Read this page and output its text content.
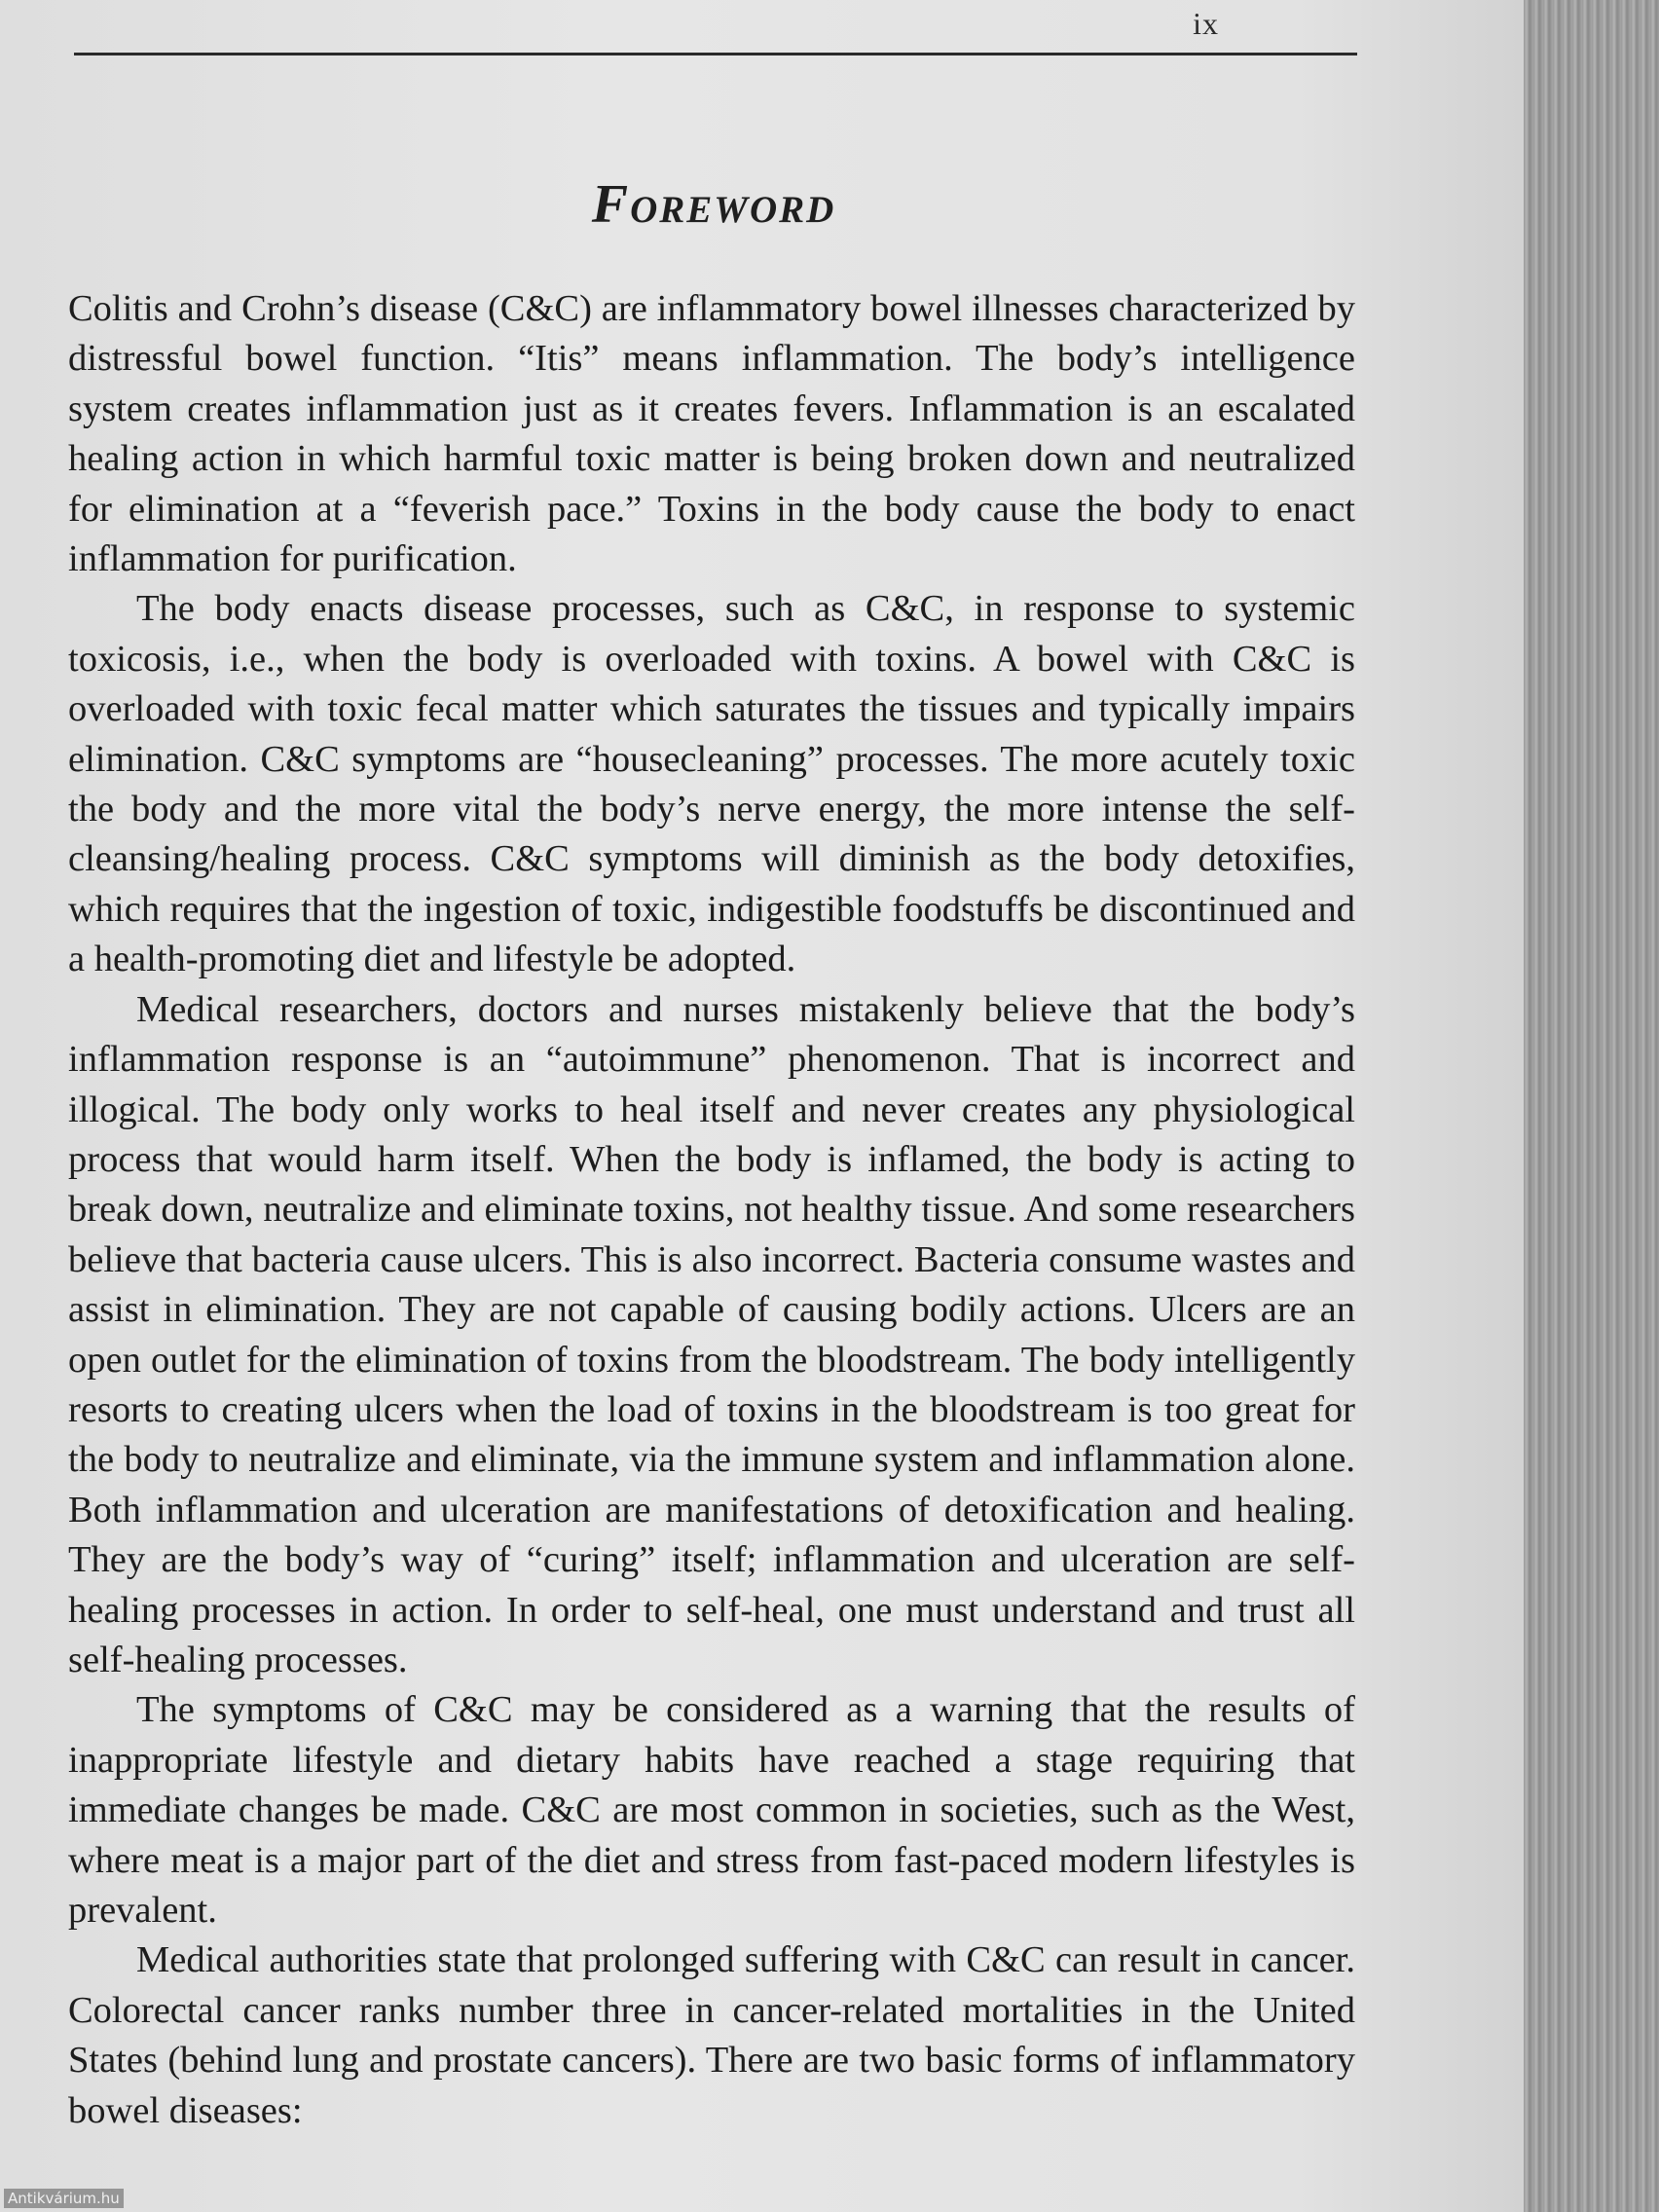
ix
Foreword

Colitis and Crohn’s disease (C&C) are inflammatory bowel illnesses characterized by distressful bowel function. “Itis” means inflammation. The body’s intelligence system creates inflammation just as it creates fevers. Inflammation is an escalated healing action in which harmful toxic matter is being broken down and neutralized for elimination at a “feverish pace.” Toxins in the body cause the body to enact inflammation for purification.

The body enacts disease processes, such as C&C, in response to systemic toxicosis, i.e., when the body is overloaded with toxins. A bowel with C&C is overloaded with toxic fecal matter which saturates the tissues and typically impairs elimination. C&C symptoms are “housecleaning” processes. The more acutely toxic the body and the more vital the body’s nerve energy, the more intense the self-cleansing/healing process. C&C symptoms will diminish as the body detoxifies, which requires that the ingestion of toxic, indigestible foodstuffs be discontinued and a health-promoting diet and lifestyle be adopted.

Medical researchers, doctors and nurses mistakenly believe that the body’s inflammation response is an “autoimmune” phenomenon. That is incorrect and illogical. The body only works to heal itself and never creates any physiological process that would harm itself. When the body is inflamed, the body is acting to break down, neutralize and eliminate toxins, not healthy tissue. And some researchers believe that bacteria cause ulcers. This is also incorrect. Bacteria consume wastes and assist in elimination. They are not capable of causing bodily actions. Ulcers are an open outlet for the elimination of toxins from the bloodstream. The body intelligently resorts to creating ulcers when the load of toxins in the bloodstream is too great for the body to neutralize and eliminate, via the immune system and inflammation alone. Both inflammation and ulceration are manifestations of detoxification and healing. They are the body’s way of “curing” itself; inflammation and ulceration are self-healing processes in action. In order to self-heal, one must understand and trust all self-healing processes.

The symptoms of C&C may be considered as a warning that the results of inappropriate lifestyle and dietary habits have reached a stage requiring that immediate changes be made. C&C are most common in societies, such as the West, where meat is a major part of the diet and stress from fast-paced modern lifestyles is prevalent.

Medical authorities state that prolonged suffering with C&C can result in cancer. Colorectal cancer ranks number three in cancer-related mortalities in the United States (behind lung and prostate cancers). There are two basic forms of inflammatory bowel diseases:

Antikvárium.hu
